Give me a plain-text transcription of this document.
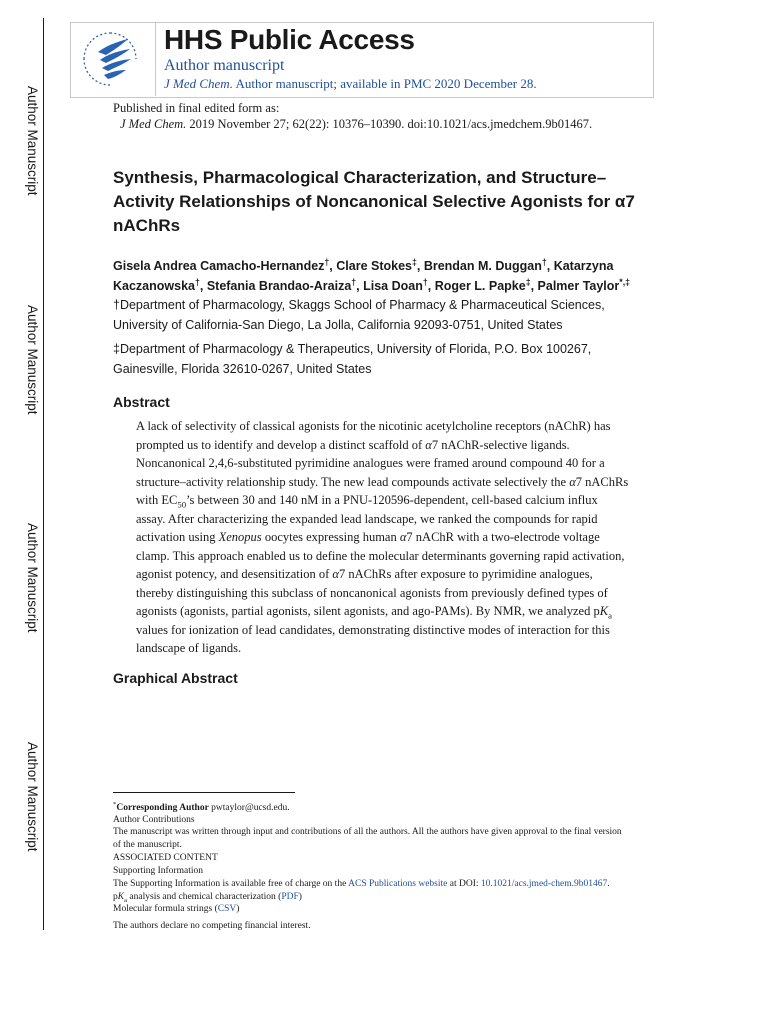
Author Manuscript
Author Manuscript
Author Manuscript
Author Manuscript
HHS Public Access
Author manuscript
J Med Chem. Author manuscript; available in PMC 2020 December 28.
Published in final edited form as:
J Med Chem. 2019 November 27; 62(22): 10376–10390. doi:10.1021/acs.jmedchem.9b01467.
Synthesis, Pharmacological Characterization, and Structure–
Activity Relationships of Noncanonical Selective Agonists for α7
nAChRs
Gisela Andrea Camacho-Hernandez†, Clare Stokes‡, Brendan M. Duggan†, Katarzyna
Kaczanowska†, Stefania Brandao-Araiza†, Lisa Doan†, Roger L. Papke‡, Palmer Taylor*,‡
†Department of Pharmacology, Skaggs School of Pharmacy & Pharmaceutical Sciences,
University of California-San Diego, La Jolla, California 92093-0751, United States
‡Department of Pharmacology & Therapeutics, University of Florida, P.O. Box 100267,
Gainesville, Florida 32610-0267, United States
Abstract
A lack of selectivity of classical agonists for the nicotinic acetylcholine receptors (nAChR) has
prompted us to identify and develop a distinct scaffold of α7 nAChR-selective ligands.
Noncanonical 2,4,6-substituted pyrimidine analogues were framed around compound 40 for a
structure–activity relationship study. The new lead compounds activate selectively the α7 nAChRs
with $EC_{50}’s$ between 30 and 140 nM in a PNU-120596-dependent, cell-based calcium influx
assay. After characterizing the expanded lead landscape, we ranked the compounds for rapid
activation using Xenopus oocytes expressing human α7 nAChR with a two-electrode voltage
clamp. This approach enabled us to define the molecular determinants governing rapid activation,
agonist potency, and desensitization of α7 nAChRs after exposure to pyrimidine analogues,
thereby distinguishing this subclass of noncanonical agonists from previously defined types of
agonists (agonists, partial agonists, silent agonists, and ago-PAMs). By NMR, we analyzed $pK_a$
values for ionization of lead candidates, demonstrating distinctive modes of interaction for this
landscape of ligands.
Graphical Abstract
*Corresponding Author pwtaylor@ucsd.edu.
Author Contributions
The manuscript was written through input and contributions of all the authors. All the authors have given approval to the final version
of the manuscript.
ASSOCIATED CONTENT
Supporting Information
The Supporting Information is available free of charge on the ACS Publications website at DOI: 10.1021/acs.jmed-chem.9b01467.
$pK_a$ analysis and chemical characterization (PDF)
Molecular formula strings (CSV)
The authors declare no competing financial interest.
